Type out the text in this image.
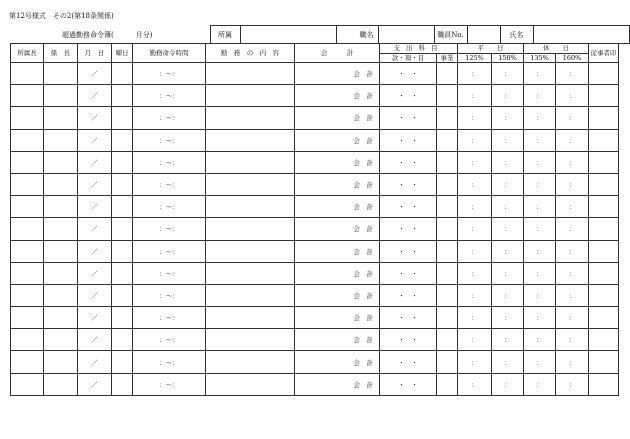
第12号様式　その2(第18条関係)
超過勤務命令簿(	月分)		所属		職名		職員No.		氏名	
所属長	係　長	月　日	曜日	勤務命令時間	勤　務　の　内　容	会　　　計	支出科目		平　　日		休　　日		従事者印
							款・項・目	事業	125%	150%	135%	160%	
		／		：～：		会　計	・　・		：	：	：	：	
		／		：～：		会　計	・　・		：	：	：	：	
		／		：～：		会　計	・　・		：	：	：	：	
		／		：～：		会　計	・　・		：	：	：	：	
		／		：～：		会　計	・　・		：	：	：	：	
		／		：～：		会　計	・　・		：	：	：	：	
		／		：～：		会　計	・　・		：	：	：	：	
		／		：～：		会　計	・　・		：	：	：	：	
		／		：～：		会　計	・　・		：	：	：	：	
		／		：～：		会　計	・　・		：	：	：	：	
		／		：～：		会　計	・　・		：	：	：	：	
		／		：～：		会　計	・　・		：	：	：	：	
		／		：～：		会　計	・　・		：	：	：	：	
		／		：～：		会　計	・　・		：	：	：	：	
		／		：～：		会　計	・　・		：	：	：	：	
